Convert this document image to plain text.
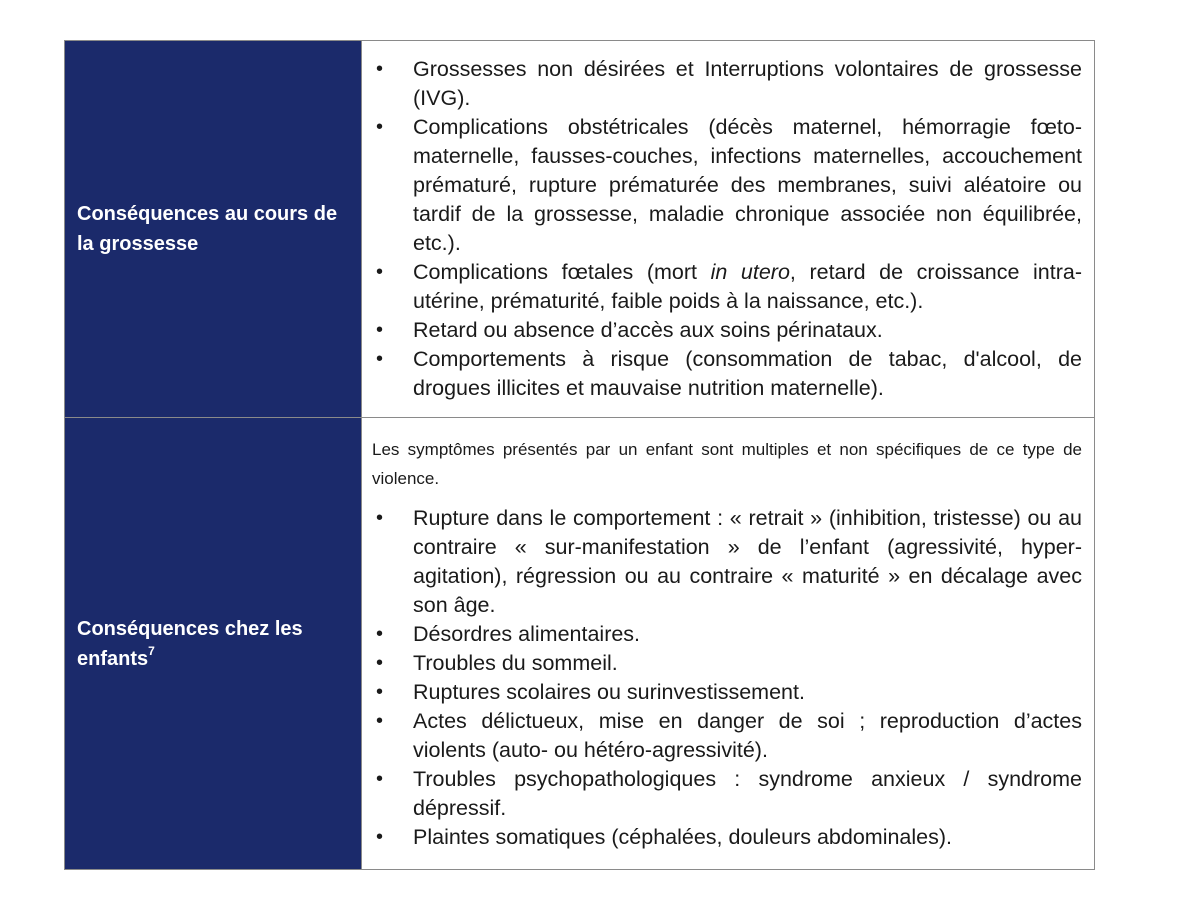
Conséquences au cours de la grossesse
• Grossesses non désirées et Interruptions volontaires de grossesse (IVG).
• Complications obstétricales (décès maternel, hémorragie fœto-maternelle, fausses-couches, infections maternelles, accouchement prématuré, rupture prématurée des membranes, suivi aléatoire ou tardif de la grossesse, maladie chronique associée non équilibrée, etc.).
• Complications fœtales (mort in utero, retard de croissance intra-utérine, prématurité, faible poids à la naissance, etc.).
• Retard ou absence d’accès aux soins périnataux.
• Comportements à risque (consommation de tabac, d'alcool, de drogues illicites et mauvaise nutrition maternelle).
Conséquences chez les enfants$^7$

Les symptômes présentés par un enfant sont multiples et non spécifiques de ce type de violence.

• Rupture dans le comportement : « retrait » (inhibition, tristesse) ou au contraire « sur-manifestation » de l’enfant (agressivité, hyper-agitation), régression ou au contraire « maturité » en décalage avec son âge.
• Désordres alimentaires.
• Troubles du sommeil.
• Ruptures scolaires ou surinvestissement.
• Actes délictueux, mise en danger de soi ; reproduction d’actes violents (auto- ou hétéro-agressivité).
• Troubles psychopathologiques : syndrome anxieux / syndrome dépressif.
• Plaintes somatiques (céphalées, douleurs abdominales).
